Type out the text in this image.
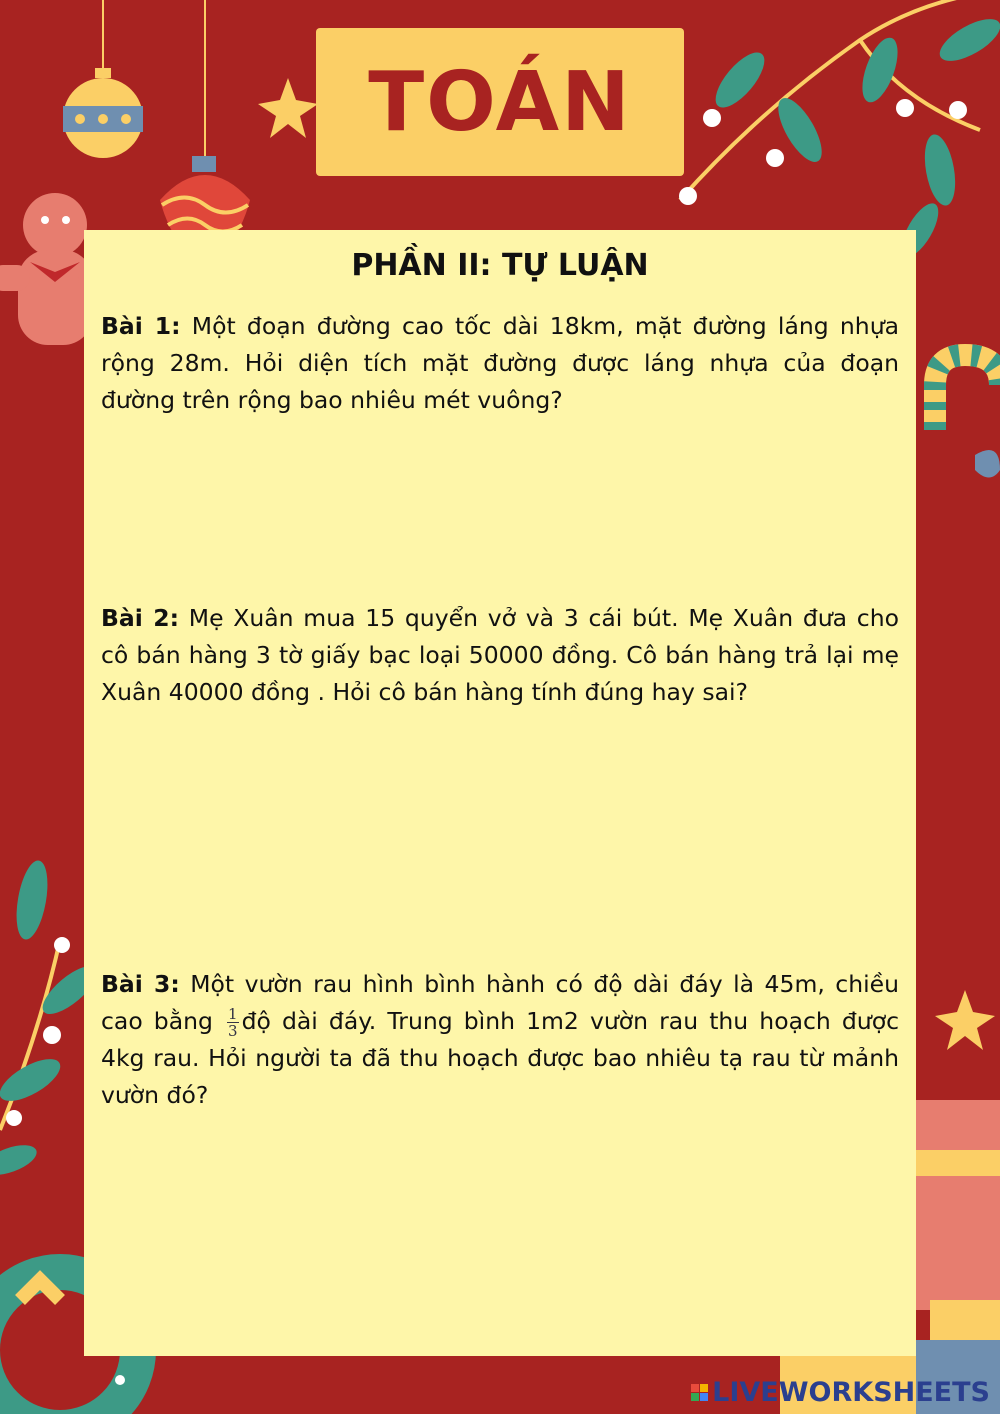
TOÁN
PHẦN II: TỰ LUẬN
Bài 1: Một đoạn đường cao tốc dài 18km, mặt đường láng nhựa rộng 28m. Hỏi diện tích mặt đường được láng nhựa của đoạn đường trên rộng bao nhiêu mét vuông?
Bài 2: Mẹ Xuân mua 15 quyển vở và 3 cái bút. Mẹ Xuân đưa cho cô bán hàng 3 tờ giấy bạc loại 50000 đồng. Cô bán hàng trả lại mẹ Xuân 40000 đồng . Hỏi cô bán hàng tính đúng hay sai?
Bài 3: Một vườn rau hình bình hành có độ dài đáy là 45m, chiều cao bằng $\frac{1}{3}$ độ dài đáy. Trung bình 1m2 vườn rau thu hoạch được 4kg rau. Hỏi người ta đã thu hoạch được bao nhiêu tạ rau từ mảnh vườn đó?
LIVEWORKSHEETS
